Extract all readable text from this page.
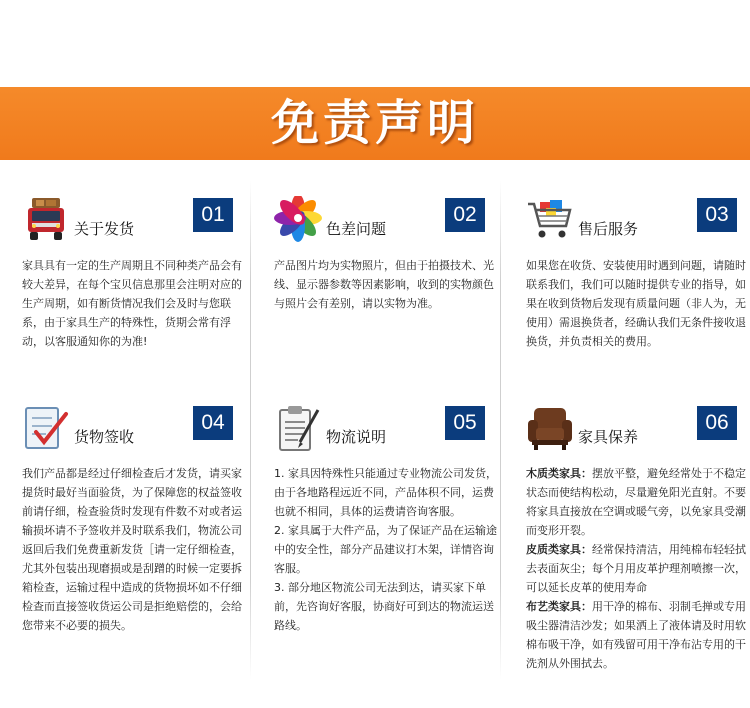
免责声明
关于发货
01
家具具有一定的生产周期且不同种类产品会有较大差异，在每个宝贝信息那里会注明对应的生产周期，如有断货情况我们会及时与您联系，由于家具生产的特殊性，货期会常有浮动，以客服通知你的为准!
色差问题
02
产品图片均为实物照片，但由于拍摄技术、光线、显示器参数等因素影响，收到的实物颜色与照片会有差别，请以实物为准。
售后服务
03
如果您在收货、安装使用时遇到问题，请随时联系我们，我们可以随时提供专业的指导，如果在收到货物后发现有质量问题（非人为，无使用）需退换货者，经确认我们无条件接收退换货，并负责相关的费用。
货物签收
04
我们产品都是经过仔细检查后才发货，请买家提货时最好当面验货，为了保障您的权益签收前请仔细，检查验货时发现有件数不对或者运输损坏请不予签收并及时联系我们，物流公司返回后我们免费重新发货［请一定仔细检查，尤其外包装出现磨损或是刮蹭的时候一定要拆箱检查，运输过程中造成的货物损坏如不仔细检查而直接签收货运公司是拒绝赔偿的，会给您带来不必要的损失。
物流说明
05

1. 家具因特殊性只能通过专业物流公司发货，由于各地路程远近不同，产品体积不同，运费也就不相同，具体的运费请咨询客服。

2. 家具属于大件产品，为了保证产品在运输途中的安全性，部分产品建议打木架，详情咨询客服。

3. 部分地区物流公司无法到达，请买家下单前，先咨询好客服，协商好可到达的物流运送路线。

家具保养
06

木质类家具：摆放平整，避免经常处于不稳定状态而使结构松动，尽量避免阳光直射。不要将家具直接放在空调或暖气旁，以免家具受潮而变形开裂。

皮质类家具：经常保持清洁，用纯棉布轻轻拭去表面灰尘；每个月用皮革护理剂喷擦一次，可以延长皮革的使用寿命

布艺类家具：用干净的棉布、羽制毛掸或专用吸尘器清洁沙发；如果洒上了液体请及时用软棉布吸干净，如有残留可用干净布沾专用的干洗剂从外围拭去。
